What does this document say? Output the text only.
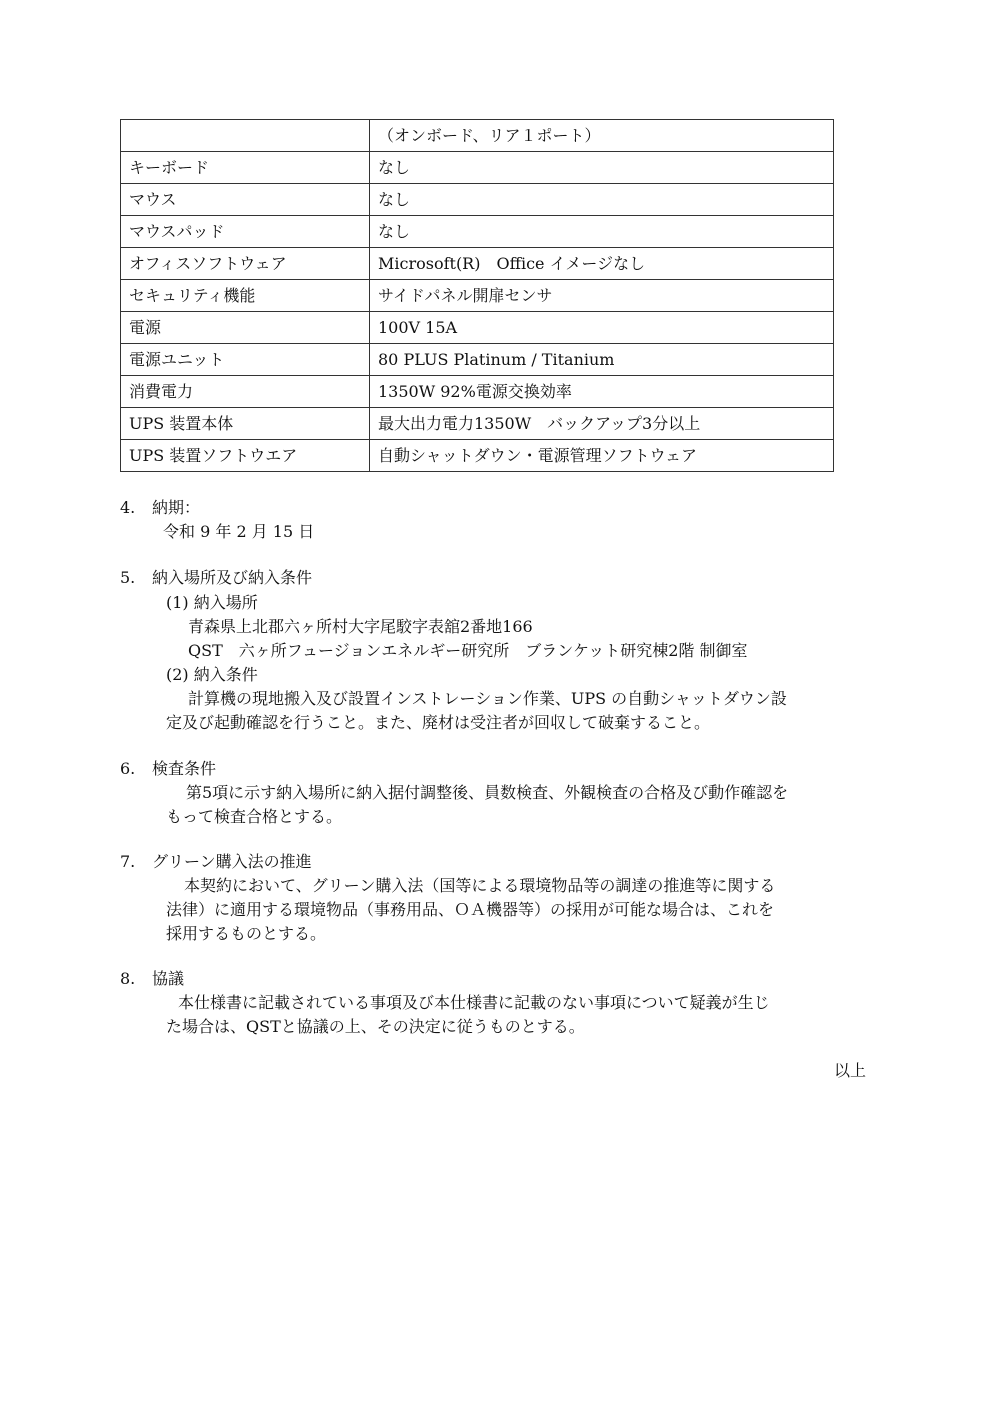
	（オンボード、リア１ポート）
キーボード	なし
マウス	なし
マウスパッド	なし
オフィスソフトウェア	Microsoft(R)　Office イメージなし
セキュリティ機能	サイドパネル開扉センサ
電源	100V 15A
電源ユニット	80 PLUS Platinum / Titanium
消費電力	1350W 92%電源交換効率
UPS 装置本体	最大出力電力1350W　バックアップ3分以上
UPS 装置ソフトウエア	自動シャットダウン・電源管理ソフトウェア
4. 納期：
令和 9 年 2 月 15 日
5. 納入場所及び納入条件
(1) 納入場所
青森県上北郡六ヶ所村大字尾駮字表舘2番地166
QST　六ヶ所フュージョンエネルギー研究所　ブランケット研究棟2階 制御室
(2) 納入条件
計算機の現地搬入及び設置インストレーション作業、UPS の自動シャットダウン設
定及び起動確認を行うこと。また、廃材は受注者が回収して破棄すること。
6. 検査条件
第5項に示す納入場所に納入据付調整後、員数検査、外観検査の合格及び動作確認を
もって検査合格とする。
7. グリーン購入法の推進
本契約において、グリーン購入法（国等による環境物品等の調達の推進等に関する
法律）に適用する環境物品（事務用品、ＯＡ機器等）の採用が可能な場合は、これを
採用するものとする。
8. 協議
本仕様書に記載されている事項及び本仕様書に記載のない事項について疑義が生じ
た場合は、QSTと協議の上、その決定に従うものとする。
以上
